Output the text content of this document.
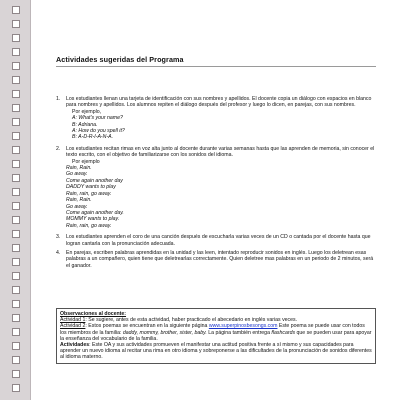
Actividades sugeridas del Programa
1. Los estudiantes llenan una tarjeta de identificación con sus nombres y apellidos. El docente copia un diálogo con espacios en blanco para nombres y apellidos. Los alumnos repiten el diálogo después del profesor y luego lo dicen, en parejas, con sus nombres.
Por ejemplo,
A: What's your name?
B: Adriana.
A: How do you spell it?
B: A-D-R-I-A-N-A.
2. Los estudiantes recitan rimas en voz alta junto al docente durante varias semanas hasta que las aprenden de memoria, sin conocer el texto escrito, con el objetivo de familiarizarse con los sonidos del idioma.
Por ejemplo
Rain, Rain.
Go away.
Come again another day
DADDY wants to play
Rain, rain, go away.
Rain, Rain.
Go away.
Come again another day.
MOMMY wants to play.
Rain, rain, go away.
3. Los estudiantes aprenden el coro de una canción después de escucharla varias veces de un CD o cantada por el docente hasta que logran cantarla con la pronunciación adecuada.
4. En parejas, escriben palabras aprendidas en la unidad y las leen, intentado reproducir sonidos en inglés. Luego los deletrean esas palabras a un compañero, quien tiene que deletrearlas correctamente. Quien deletree mas palabras en un periodo de 2 minutos, será el ganador.
Observaciones al docente:
Actividad 1: Se sugiere, antes de esta actividad, haber practicado el abecedario en inglés varias veces.
Actividad 2: Estos poemas se encuentran en la siguiente página www.superpinosbesongs.com Este poema se puede usar con todos los miembros de la familia: daddy, mommy, brother, sister, baby. La página también entrega flashcards que se pueden usar para apoyar la enseñanza del vocabulario de la familia.
Actividades: Este OA y sus actividades promueven el manifestar una actitud positiva frente a sí mismo y sus capacidades para aprender un nuevo idioma al recitar una rima en otro idioma y sobreponerse a las dificultades de la pronunciación de sonidos diferentes al idioma materno.
